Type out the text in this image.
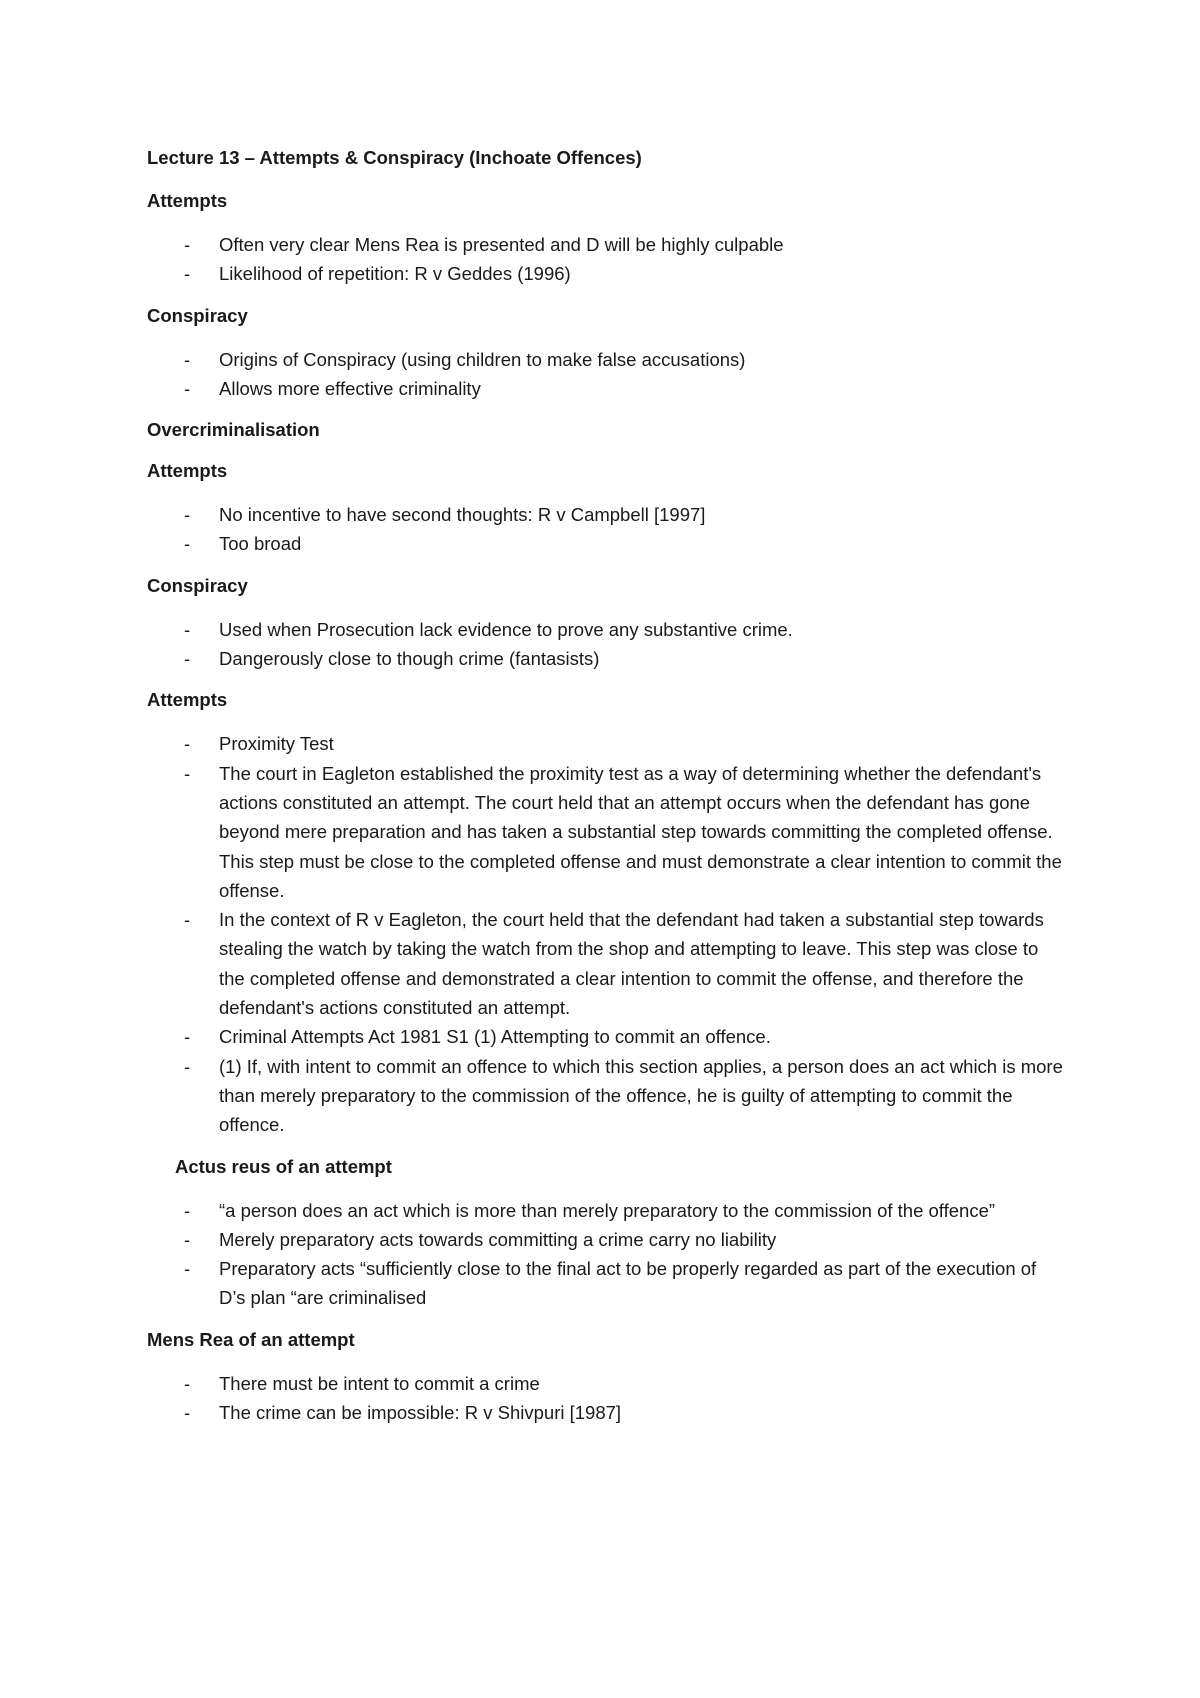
Lecture 13 – Attempts & Conspiracy (Inchoate Offences)
Attempts
- Often very clear Mens Rea is presented and D will be highly culpable
- Likelihood of repetition: R v Geddes (1996)
Conspiracy
- Origins of Conspiracy (using children to make false accusations)
- Allows more effective criminality
Overcriminalisation
Attempts
- No incentive to have second thoughts: R v Campbell [1997]
- Too broad
Conspiracy
- Used when Prosecution lack evidence to prove any substantive crime.
- Dangerously close to though crime (fantasists)
Attempts
- Proximity Test
- The court in Eagleton established the proximity test as a way of determining whether the defendant's actions constituted an attempt. The court held that an attempt occurs when the defendant has gone beyond mere preparation and has taken a substantial step towards committing the completed offense. This step must be close to the completed offense and must demonstrate a clear intention to commit the offense.
- In the context of R v Eagleton, the court held that the defendant had taken a substantial step towards stealing the watch by taking the watch from the shop and attempting to leave. This step was close to the completed offense and demonstrated a clear intention to commit the offense, and therefore the defendant's actions constituted an attempt.
- Criminal Attempts Act 1981 S1 (1) Attempting to commit an offence.
- (1) If, with intent to commit an offence to which this section applies, a person does an act which is more than merely preparatory to the commission of the offence, he is guilty of attempting to commit the offence.
Actus reus of an attempt
- “a person does an act which is more than merely preparatory to the commission of the offence”
- Merely preparatory acts towards committing a crime carry no liability
- Preparatory acts “sufficiently close to the final act to be properly regarded as part of the execution of D’s plan “are criminalised
Mens Rea of an attempt
- There must be intent to commit a crime
- The crime can be impossible: R v Shivpuri [1987]
